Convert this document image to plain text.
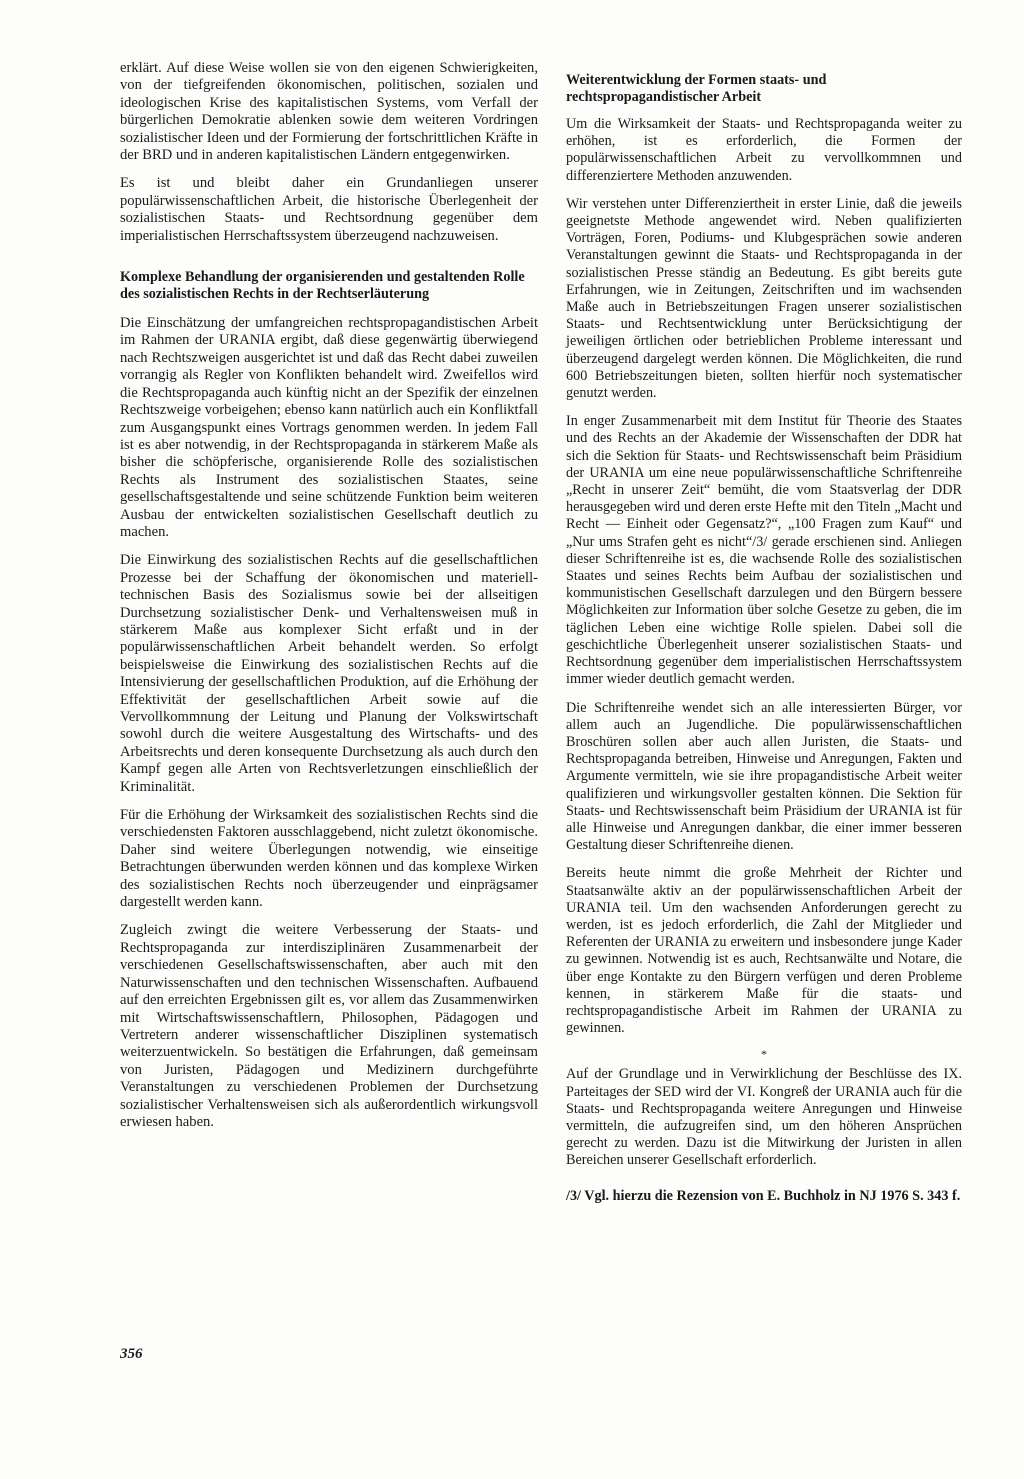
erklärt. Auf diese Weise wollen sie von den eigenen Schwierigkeiten, von der tiefgreifenden ökonomischen, politischen, sozialen und ideologischen Krise des kapitalistischen Systems, vom Verfall der bürgerlichen Demokratie ablenken sowie dem weiteren Vordringen sozialistischer Ideen und der Formierung der fortschrittlichen Kräfte in der BRD und in anderen kapitalistischen Ländern entgegenwirken.

Es ist und bleibt daher ein Grundanliegen unserer populärwissenschaftlichen Arbeit, die historische Überlegenheit der sozialistischen Staats- und Rechtsordnung gegenüber dem imperialistischen Herrschaftssystem überzeugend nachzuweisen.

Komplexe Behandlung der organisierenden und gestaltenden Rolle des sozialistischen Rechts in der Rechtserläuterung

Die Einschätzung der umfangreichen rechtspropagandistischen Arbeit im Rahmen der URANIA ergibt, daß diese gegenwärtig überwiegend nach Rechtszweigen ausgerichtet ist und daß das Recht dabei zuweilen vorrangig als Regler von Konflikten behandelt wird. Zweifellos wird die Rechtspropaganda auch künftig nicht an der Spezifik der einzelnen Rechtszweige vorbeigehen; ebenso kann natürlich auch ein Konfliktfall zum Ausgangspunkt eines Vortrags genommen werden. In jedem Fall ist es aber notwendig, in der Rechtspropaganda in stärkerem Maße als bisher die schöpferische, organisierende Rolle des sozialistischen Rechts als Instrument des sozialistischen Staates, seine gesellschaftsgestaltende und seine schützende Funktion beim weiteren Ausbau der entwickelten sozialistischen Gesellschaft deutlich zu machen.

Die Einwirkung des sozialistischen Rechts auf die gesellschaftlichen Prozesse bei der Schaffung der ökonomischen und materiell-technischen Basis des Sozialismus sowie bei der allseitigen Durchsetzung sozialistischer Denk- und Verhaltensweisen muß in stärkerem Maße aus komplexer Sicht erfaßt und in der populärwissenschaftlichen Arbeit behandelt werden. So erfolgt beispielsweise die Einwirkung des sozialistischen Rechts auf die Intensivierung der gesellschaftlichen Produktion, auf die Erhöhung der Effektivität der gesellschaftlichen Arbeit sowie auf die Vervollkommnung der Leitung und Planung der Volkswirtschaft sowohl durch die weitere Ausgestaltung des Wirtschafts- und des Arbeitsrechts und deren konsequente Durchsetzung als auch durch den Kampf gegen alle Arten von Rechtsverletzungen einschließlich der Kriminalität.

Für die Erhöhung der Wirksamkeit des sozialistischen Rechts sind die verschiedensten Faktoren ausschlaggebend, nicht zuletzt ökonomische. Daher sind weitere Überlegungen notwendig, wie einseitige Betrachtungen überwunden werden können und das komplexe Wirken des sozialistischen Rechts noch überzeugender und einprägsamer dargestellt werden kann.

Zugleich zwingt die weitere Verbesserung der Staats- und Rechtspropaganda zur interdisziplinären Zusammenarbeit der verschiedenen Gesellschaftswissenschaften, aber auch mit den Naturwissenschaften und den technischen Wissenschaften. Aufbauend auf den erreichten Ergebnissen gilt es, vor allem das Zusammenwirken mit Wirtschaftswissenschaftlern, Philosophen, Pädagogen und Vertretern anderer wissenschaftlicher Disziplinen systematisch weiterzuentwickeln. So bestätigen die Erfahrungen, daß gemeinsam von Juristen, Pädagogen und Medizinern durchgeführte Veranstaltungen zu verschiedenen Problemen der Durchsetzung sozialistischer Verhaltensweisen sich als außerordentlich wirkungsvoll erwiesen haben.

Weiterentwicklung der Formen staats- und rechtspropagandistischer Arbeit

Um die Wirksamkeit der Staats- und Rechtspropaganda weiter zu erhöhen, ist es erforderlich, die Formen der populärwissenschaftlichen Arbeit zu vervollkommnen und differenziertere Methoden anzuwenden.

Wir verstehen unter Differenziertheit in erster Linie, daß die jeweils geeignetste Methode angewendet wird. Neben qualifizierten Vorträgen, Foren, Podiums- und Klubgesprächen sowie anderen Veranstaltungen gewinnt die Staats- und Rechtspropaganda in der sozialistischen Presse ständig an Bedeutung. Es gibt bereits gute Erfahrungen, wie in Zeitungen, Zeitschriften und im wachsenden Maße auch in Betriebszeitungen Fragen unserer sozialistischen Staats- und Rechtsentwicklung unter Berücksichtigung der jeweiligen örtlichen oder betrieblichen Probleme interessant und überzeugend dargelegt werden können. Die Möglichkeiten, die rund 600 Betriebszeitungen bieten, sollten hierfür noch systematischer genutzt werden.

In enger Zusammenarbeit mit dem Institut für Theorie des Staates und des Rechts an der Akademie der Wissenschaften der DDR hat sich die Sektion für Staats- und Rechtswissenschaft beim Präsidium der URANIA um eine neue populärwissenschaftliche Schriftenreihe „Recht in unserer Zeit“ bemüht, die vom Staatsverlag der DDR herausgegeben wird und deren erste Hefte mit den Titeln „Macht und Recht — Einheit oder Gegensatz?“, „100 Fragen zum Kauf“ und „Nur ums Strafen geht es nicht“/3/ gerade erschienen sind. Anliegen dieser Schriftenreihe ist es, die wachsende Rolle des sozialistischen Staates und seines Rechts beim Aufbau der sozialistischen und kommunistischen Gesellschaft darzulegen und den Bürgern bessere Möglichkeiten zur Information über solche Gesetze zu geben, die im täglichen Leben eine wichtige Rolle spielen. Dabei soll die geschichtliche Überlegenheit unserer sozialistischen Staats- und Rechtsordnung gegenüber dem imperialistischen Herrschaftssystem immer wieder deutlich gemacht werden.

Die Schriftenreihe wendet sich an alle interessierten Bürger, vor allem auch an Jugendliche. Die populärwissenschaftlichen Broschüren sollen aber auch allen Juristen, die Staats- und Rechtspropaganda betreiben, Hinweise und Anregungen, Fakten und Argumente vermitteln, wie sie ihre propagandistische Arbeit weiter qualifizieren und wirkungsvoller gestalten können. Die Sektion für Staats- und Rechtswissenschaft beim Präsidium der URANIA ist für alle Hinweise und Anregungen dankbar, die einer immer besseren Gestaltung dieser Schriftenreihe dienen.

Bereits heute nimmt die große Mehrheit der Richter und Staatsanwälte aktiv an der populärwissenschaftlichen Arbeit der URANIA teil. Um den wachsenden Anforderungen gerecht zu werden, ist es jedoch erforderlich, die Zahl der Mitglieder und Referenten der URANIA zu erweitern und insbesondere junge Kader zu gewinnen. Notwendig ist es auch, Rechtsanwälte und Notare, die über enge Kontakte zu den Bürgern verfügen und deren Probleme kennen, in stärkerem Maße für die staats- und rechtspropagandistische Arbeit im Rahmen der URANIA zu gewinnen.

*

Auf der Grundlage und in Verwirklichung der Beschlüsse des IX. Parteitages der SED wird der VI. Kongreß der URANIA auch für die Staats- und Rechtspropaganda weitere Anregungen und Hinweise vermitteln, die aufzugreifen sind, um den höheren Ansprüchen gerecht zu werden. Dazu ist die Mitwirkung der Juristen in allen Bereichen unserer Gesellschaft erforderlich.

/3/ Vgl. hierzu die Rezension von E. Buchholz in NJ 1976 S. 343 f.

356
